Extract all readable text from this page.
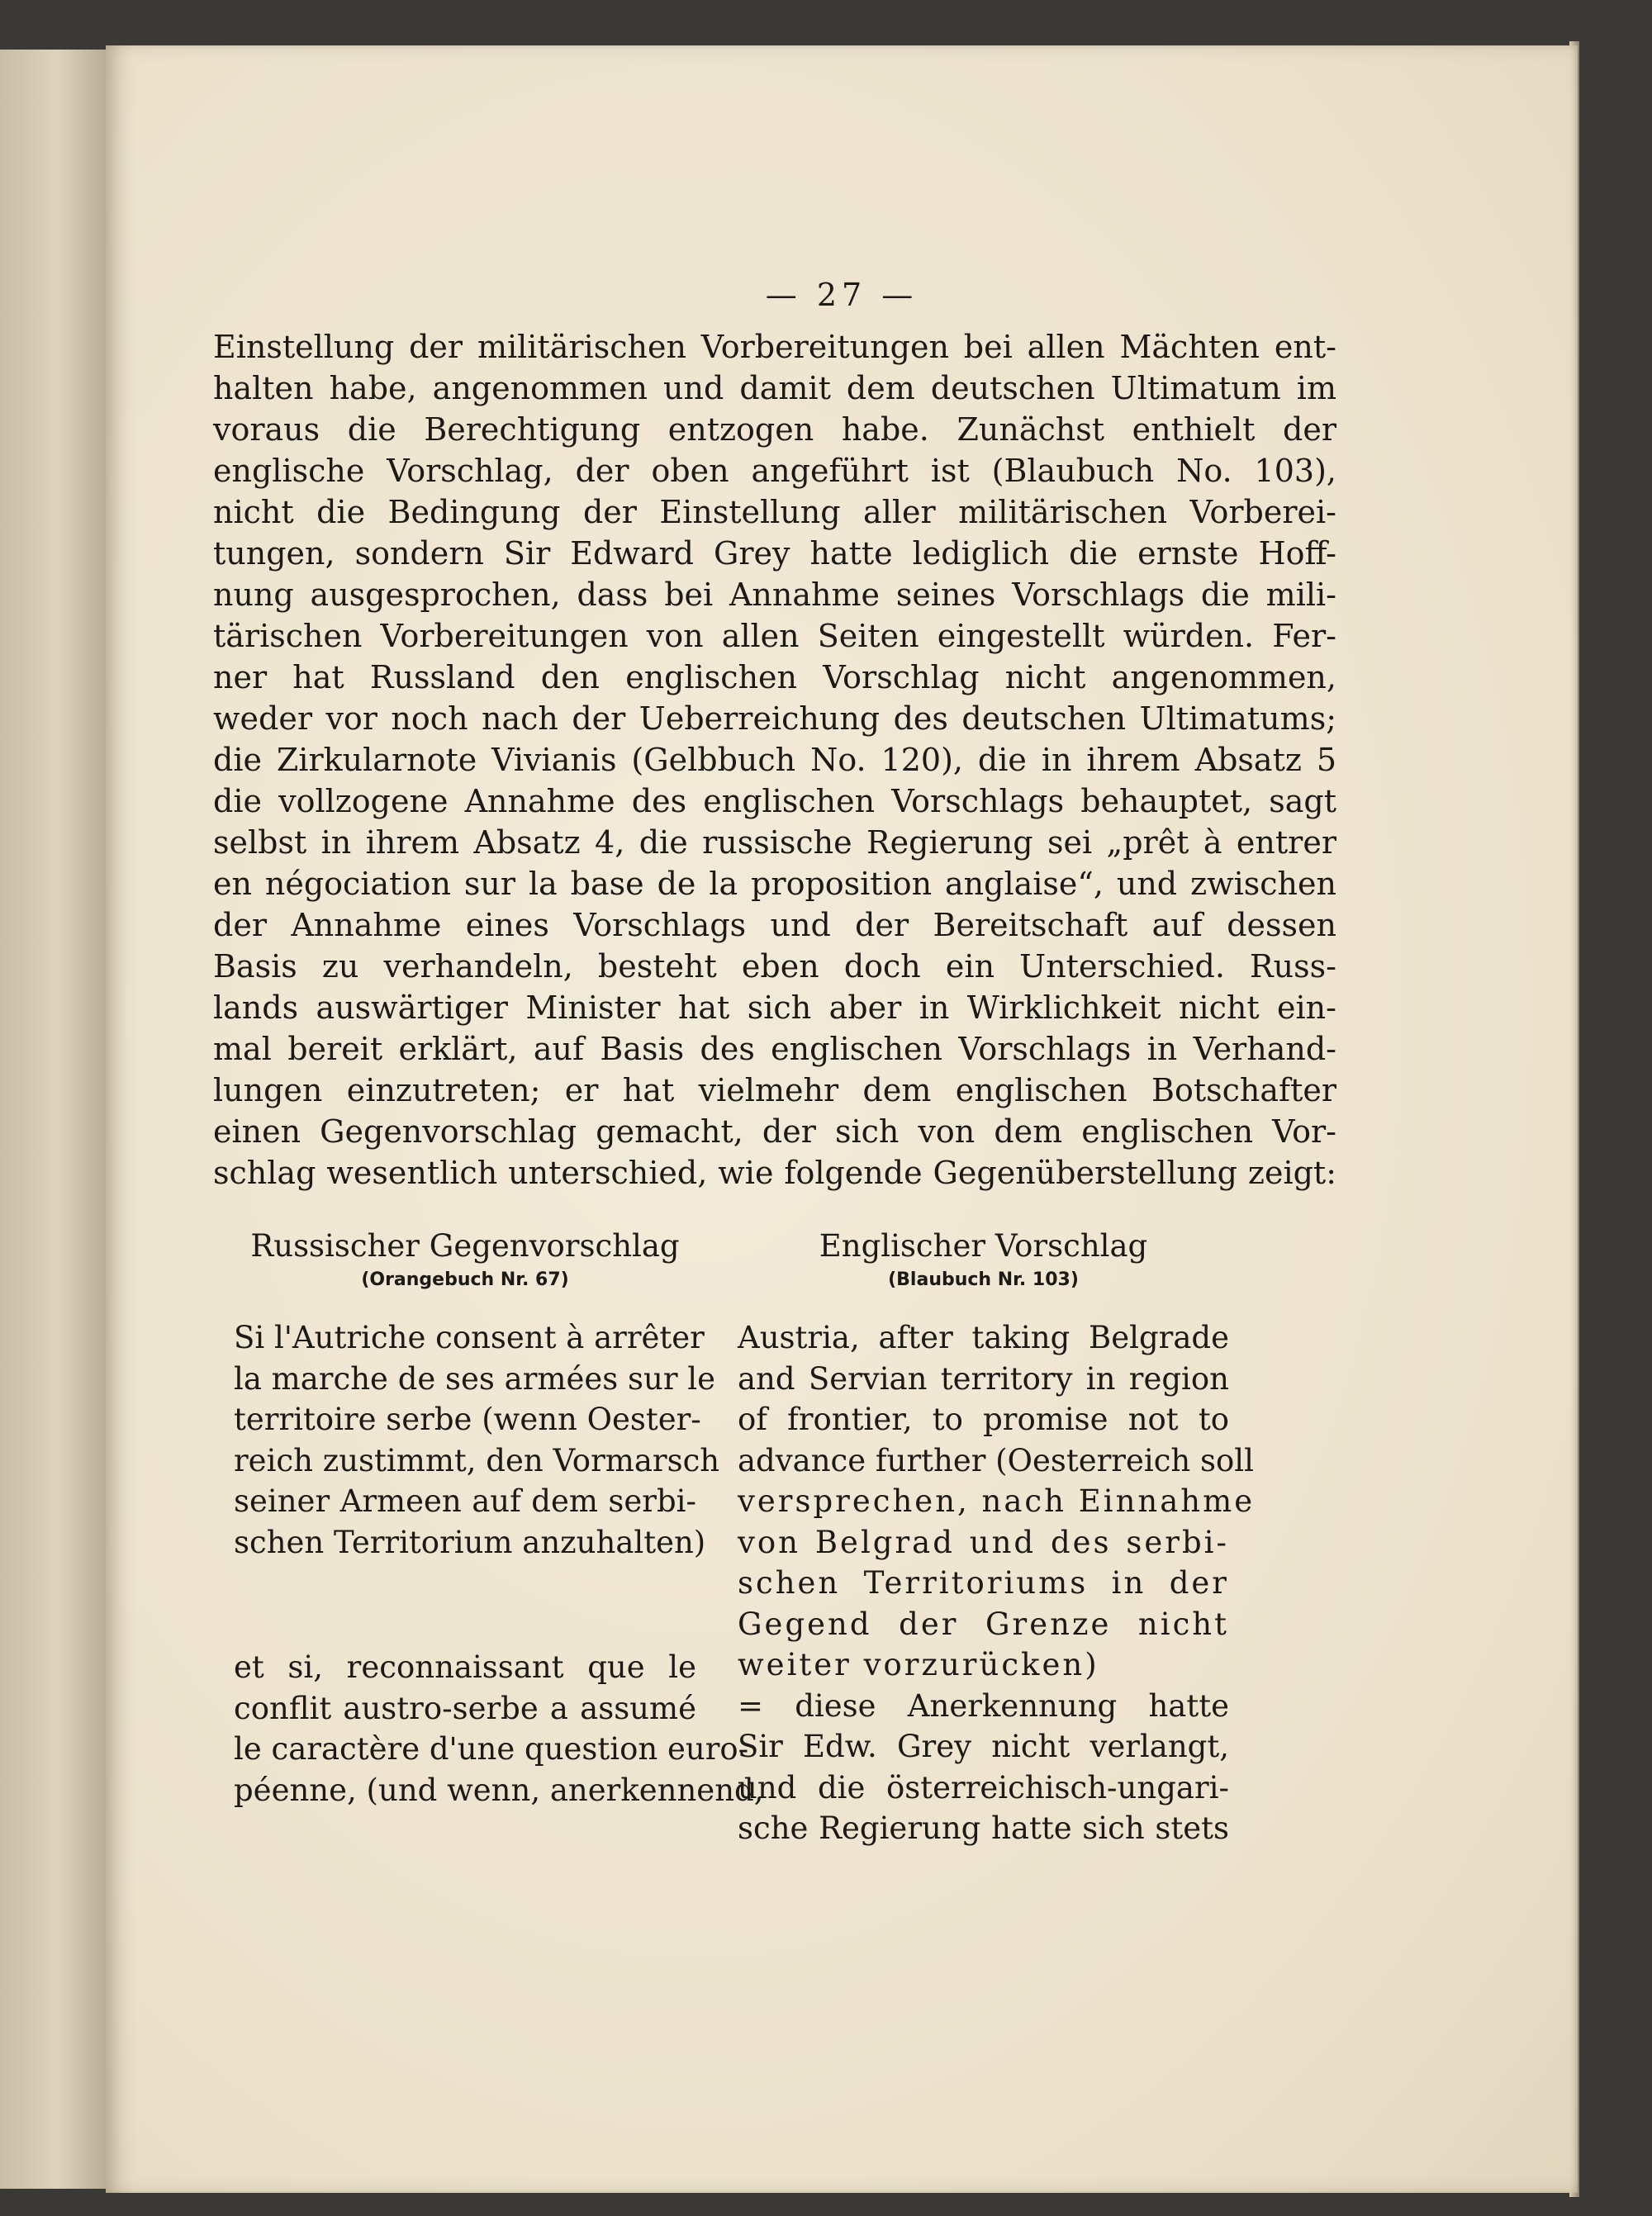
— 27 —
Einstellung der militärischen Vorbereitungen bei allen Mächten ent-
halten habe, angenommen und damit dem deutschen Ultimatum im
voraus die Berechtigung entzogen habe. Zunächst enthielt der
englische Vorschlag, der oben angeführt ist (Blaubuch No. 103),
nicht die Bedingung der Einstellung aller militärischen Vorberei-
tungen, sondern Sir Edward Grey hatte lediglich die ernste Hoff-
nung ausgesprochen, dass bei Annahme seines Vorschlags die mili-
tärischen Vorbereitungen von allen Seiten eingestellt würden. Fer-
ner hat Russland den englischen Vorschlag nicht angenommen,
weder vor noch nach der Ueberreichung des deutschen Ultimatums;
die Zirkularnote Vivianis (Gelbbuch No. 120), die in ihrem Absatz 5
die vollzogene Annahme des englischen Vorschlags behauptet, sagt
selbst in ihrem Absatz 4, die russische Regierung sei „prêt à entrer
en négociation sur la base de la proposition anglaise“, und zwischen
der Annahme eines Vorschlags und der Bereitschaft auf dessen
Basis zu verhandeln, besteht eben doch ein Unterschied. Russ-
lands auswärtiger Minister hat sich aber in Wirklichkeit nicht ein-
mal bereit erklärt, auf Basis des englischen Vorschlags in Verhand-
lungen einzutreten; er hat vielmehr dem englischen Botschafter
einen Gegenvorschlag gemacht, der sich von dem englischen Vor-
schlag wesentlich unterschied, wie folgende Gegenüberstellung zeigt:
Russischer Gegenvorschlag
(Orangebuch Nr. 67)
Si l'Autriche consent à arrêter
la marche de ses armées sur le
territoire serbe (wenn Oester-
reich zustimmt, den Vormarsch
seiner Armeen auf dem serbi-
schen Territorium anzuhalten)
et si, reconnaissant que le
conflit austro-serbe a assumé
le caractère d'une question euro-
péenne, (und wenn, anerkennend,
Englischer Vorschlag
(Blaubuch Nr. 103)
Austria, after taking Belgrade
and Servian territory in region
of frontier, to promise not to
advance further (Oesterreich soll
versprechen, nach Einnahme
von Belgrad und des serbi-
schen Territoriums in der
Gegend der Grenze nicht
weiter vorzurücken)
= diese Anerkennung hatte
Sir Edw. Grey nicht verlangt,
und die österreichisch-ungari-
sche Regierung hatte sich stets
